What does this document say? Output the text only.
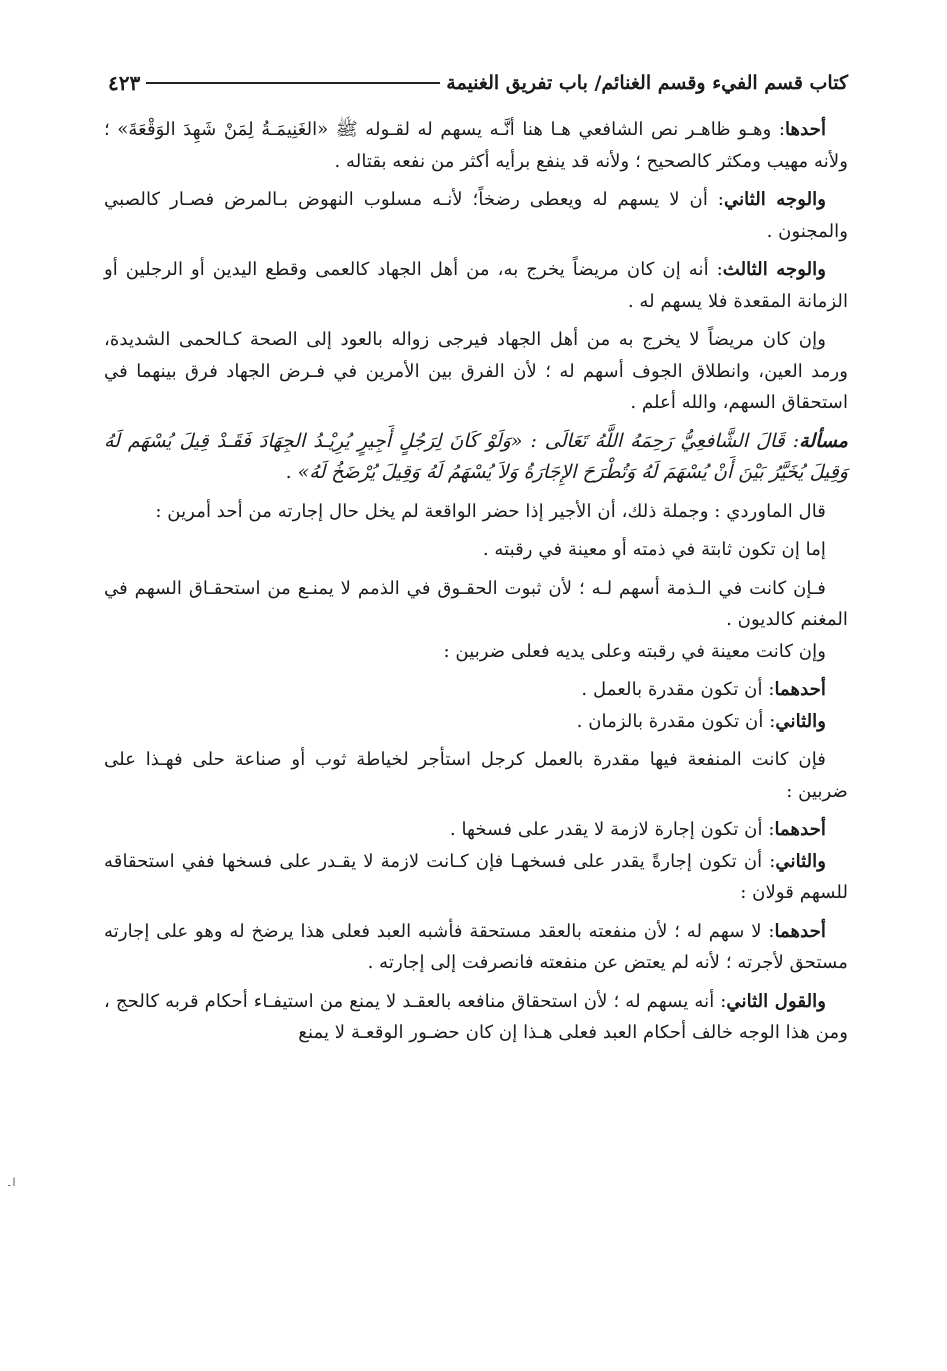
كتاب قسم الفيء وقسم الغنائم/ باب تفريق الغنيمة
٤٢٣

أحدها: وهـو ظاهـر نص الشافعي هـا هنا أنَّـه يسهم له لقـوله ﷺ «الغَنِيمَـةُ لِمَنْ شَهِدَ الوَقْعَةَ» ؛ ولأنه مهيب ومكثر كالصحيح ؛ ولأنه قد ينفع برأيه أكثر من نفعه بقتاله .

والوجه الثاني: أن لا يسهم له ويعطى رضخاً؛ لأنـه مسلوب النهوض بـالمرض فصـار كالصبي والمجنون .

والوجه الثالث: أنه إن كان مريضاً يخرج به، من أهل الجهاد كالعمى وقطع اليدين أو الرجلين أو الزمانة المقعدة فلا يسهم له .

وإن كان مريضاً لا يخرج به من أهل الجهاد فيرجى زواله بالعود إلى الصحة كـالحمى الشديدة، ورمد العين، وانطلاق الجوف أسهم له ؛ لأن الفرق بين الأمرين في فـرض الجهاد فرق بينهما في استحقاق السهم، والله أعلم .

مسألة: قَالَ الشَّافعِيُّ رَحِمَهُ اللَّهُ تَعَالَى : «وَلَوْ كَانَ لِرَجُلٍ أَجِيرٍ يُرِيْـدُ الجِهَادَ فَقَـدْ قِيلَ يُسْهَم لَهُ وَقِيلَ يُخَيَّرُ بَيْنَ أَنْ يُسْهَمَ لَهُ وَتُطْرَحَ الإِجَارَةُ وَلاَ يُسْهَمُ لَهُ وَقِيلَ يُرْضَخُ لَهُ» .

قال الماوردي : وجملة ذلك، أن الأجير إذا حضر الواقعة لم يخل حال إجارته من أحد أمرين :

إما إن تكون ثابتة في ذمته أو معينة في رقبته .

فـإن كانت في الـذمة أسهم لـه ؛ لأن ثبوت الحقـوق في الذمم لا يمنـع من استحقـاق السهم في المغنم كالديون .

وإن كانت معينة في رقبته وعلى يديه فعلى ضربين :

أحدهما: أن تكون مقدرة بالعمل .

والثاني: أن تكون مقدرة بالزمان .

فإن كانت المنفعة فيها مقدرة بالعمل كرجل استأجر لخياطة ثوب أو صناعة حلى فهـذا على ضربين :

أحدهما: أن تكون إجارة لازمة لا يقدر على فسخها .

والثاني: أن تكون إجارةً يقدر على فسخهـا فإن كـانت لازمة لا يقـدر على فسخها ففي استحقاقه للسهم قولان :

أحدهما: لا سهم له ؛ لأن منفعته بالعقد مستحقة فأشبه العبد فعلى هذا يرضخ له وهو على إجارته مستحق لأجرته ؛ لأنه لم يعتض عن منفعته فانصرفت إلى إجارته .

والقول الثاني: أنه يسهم له ؛ لأن استحقاق منافعه بالعقـد لا يمنع من استيفـاء أحكام قربه كالحج ، ومن هذا الوجه خالف أحكام العبد فعلى هـذا إن كان حضـور الوقعـة لا يمنع

ا۔
